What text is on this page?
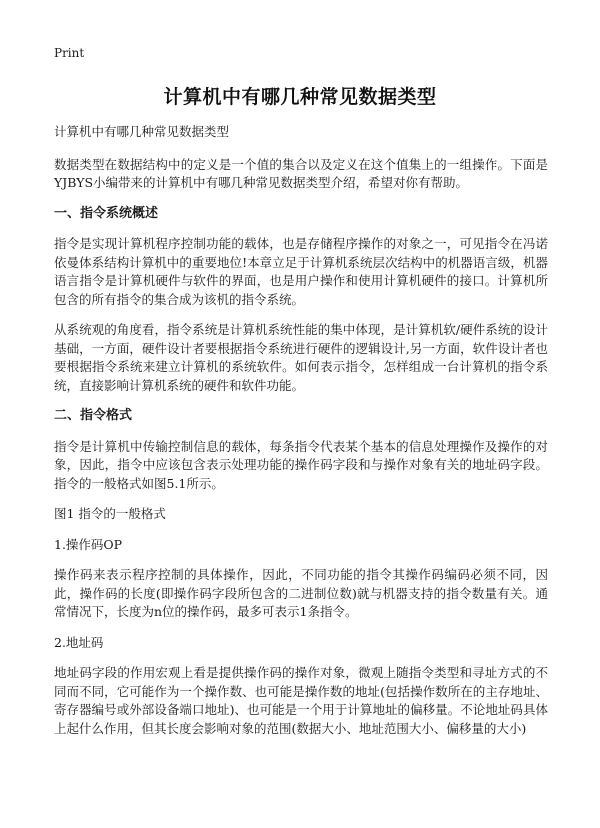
Print
计算机中有哪几种常见数据类型

计算机中有哪几种常见数据类型

数据类型在数据结构中的定义是一个值的集合以及定义在这个值集上的一组操作。下面是YJBYS小编带来的计算机中有哪几种常见数据类型介绍，希望对你有帮助。

一、指令系统概述

指令是实现计算机程序控制功能的载体，也是存储程序操作的对象之一，可见指令在冯诺依曼体系结构计算机中的重要地位!本章立足于计算机系统层次结构中的机器语言级，机器语言指令是计算机硬件与软件的界面，也是用户操作和使用计算机硬件的接口。计算机所包含的所有指令的集合成为该机的指令系统。

从系统观的角度看，指令系统是计算机系统性能的集中体现，是计算机软/硬件系统的设计基础，一方面，硬件设计者要根据指令系统进行硬件的逻辑设计,另一方面，软件设计者也要根据指令系统来建立计算机的系统软件。如何表示指令，怎样组成一台计算机的指令系统，直接影响计算机系统的硬件和软件功能。

二、指令格式

指令是计算机中传输控制信息的载体，每条指令代表某个基本的信息处理操作及操作的对象，因此，指令中应该包含表示处理功能的操作码字段和与操作对象有关的地址码字段。指令的一般格式如图5.1所示。

图1 指令的一般格式

1.操作码OP

操作码来表示程序控制的具体操作，因此，不同功能的指令其操作码编码必须不同，因此，操作码的长度(即操作码字段所包含的二进制位数)就与机器支持的指令数量有关。通常情况下，长度为n位的操作码，最多可表示1条指令。

2.地址码

地址码字段的作用宏观上看是提供操作码的操作对象，微观上随指令类型和寻址方式的不同而不同，它可能作为一个操作数、也可能是操作数的地址(包括操作数所在的主存地址、寄存器编号或外部设备端口地址)、也可能是一个用于计算地址的偏移量。不论地址码具体上起什么作用，但其长度会影响对象的范围(数据大小、地址范围大小、偏移量的大小)
